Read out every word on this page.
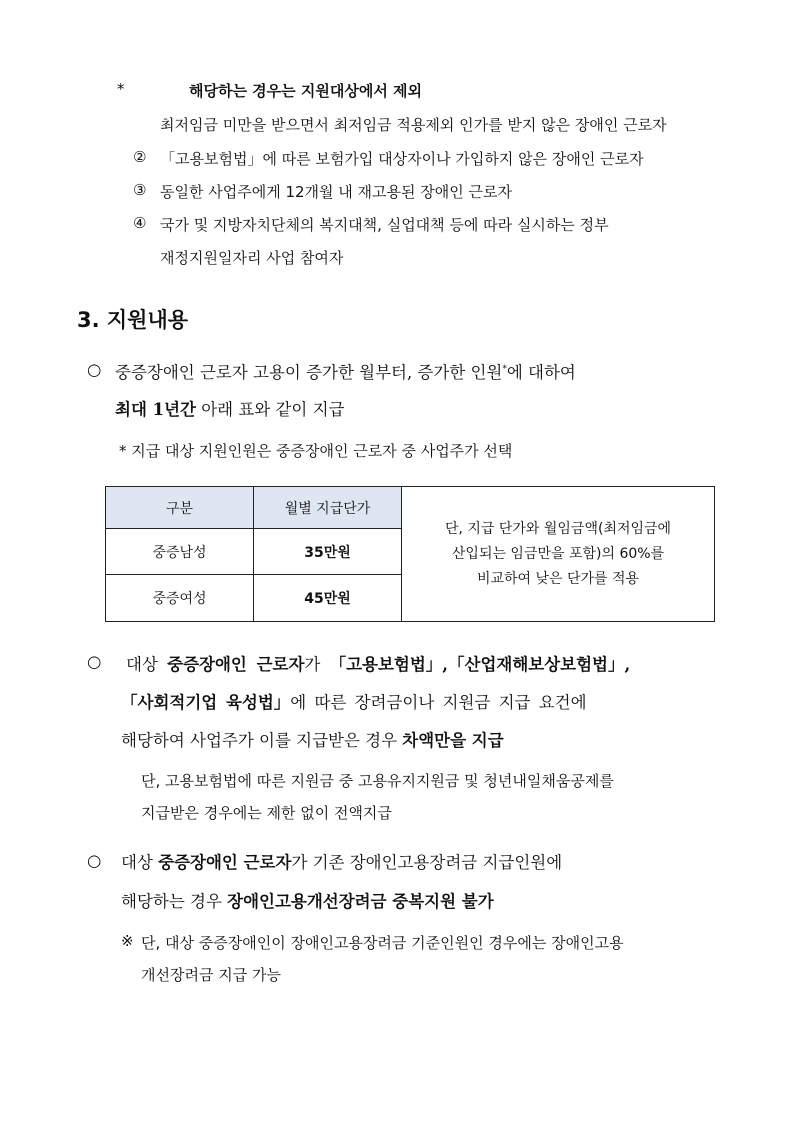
*	해당하는 경우는 지원대상에서 제외
최저임금 미만을 받으면서 최저임금 적용제외 인가를 받지 않은 장애인 근로자
② 「고용보험법」에 따른 보험가입 대상자이나 가입하지 않은 장애인 근로자
③ 동일한 사업주에게 12개월 내 재고용된 장애인 근로자
④ 국가 및 지방자치단체의 복지대책, 실업대책 등에 따라 실시하는 정부
재정지원일자리 사업 참여자
3. 지원내용
○ 중증장애인 근로자 고용이 증가한 월부터, 증가한 인원*에 대하여
최대 1년간 아래 표와 같이 지급
* 지급 대상 지원인원은 중증장애인 근로자 중 사업주가 선택
구분	월별 지급단가	단, 지급 단가와 월임금액(최저임금에
산입되는 임금만을 포함)의 60%를
비교하여 낮은 단가를 적용

중증남성	35만원	
중증여성	45만원	
○ 대상 중증장애인 근로자가 「고용보험법」,「산업재해보상보험법」,
「사회적기업 육성법」에 따른 장려금이나 지원금 지급 요건에
해당하여 사업주가 이를 지급받은 경우 차액만을 지급
단, 고용보험법에 따른 지원금 중 고용유지지원금 및 청년내일채움공제를
지급받은 경우에는 제한 없이 전액지급
○ 대상 중증장애인 근로자가 기존 장애인고용장려금 지급인원에
해당하는 경우 장애인고용개선장려금 중복지원 불가
※ 단, 대상 중증장애인이 장애인고용장려금 기준인원인 경우에는 장애인고용
개선장려금 지급 가능
